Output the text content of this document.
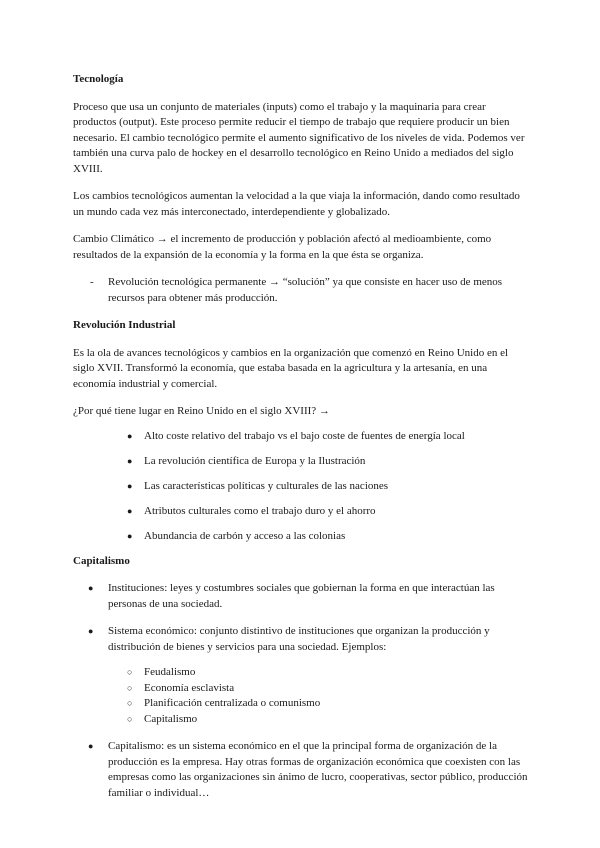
Tecnología

Proceso que usa un conjunto de materiales (inputs) como el trabajo y la maquinaria para crear productos (output). Este proceso permite reducir el tiempo de trabajo que requiere producir un bien necesario. El cambio tecnológico permite el aumento significativo de los niveles de vida. Podemos ver también una curva palo de hockey en el desarrollo tecnológico en Reino Unido a mediados del siglo XVIII.

Los cambios tecnológicos aumentan la velocidad a la que viaja la información, dando como resultado un mundo cada vez más interconectado, interdependiente y globalizado.

Cambio Climático → el incremento de producción y población afectó al medioambiente, como resultados de la expansión de la economía y la forma en la que ésta se organiza.

- Revolución tecnológica permanente → “solución” ya que consiste en hacer uso de menos recursos para obtener más producción.
Revolución Industrial

Es la ola de avances tecnológicos y cambios en la organización que comenzó en Reino Unido en el siglo XVII. Transformó la economía, que estaba basada en la agricultura y la artesanía, en una economía industrial y comercial.

¿Por qué tiene lugar en Reino Unido en el siglo XVIII? →

● Alto coste relativo del trabajo vs el bajo coste de fuentes de energía local
● La revolución científica de Europa y la Ilustración
● Las características políticas y culturales de las naciones
● Atributos culturales como el trabajo duro y el ahorro
● Abundancia de carbón y acceso a las colonias
Capitalismo
● Instituciones: leyes y costumbres sociales que gobiernan la forma en que interactúan las personas de una sociedad.
● Sistema económico: conjunto distintivo de instituciones que organizan la producción y distribución de bienes y servicios para una sociedad. Ejemplos:
○ Feudalismo
○ Economía esclavista
○ Planificación centralizada o comunismo
○ Capitalismo
● Capitalismo: es un sistema económico en el que la principal forma de organización de la producción es la empresa. Hay otras formas de organización económica que coexisten con las empresas como las organizaciones sin ánimo de lucro, cooperativas, sector público, producción familiar o individual…
